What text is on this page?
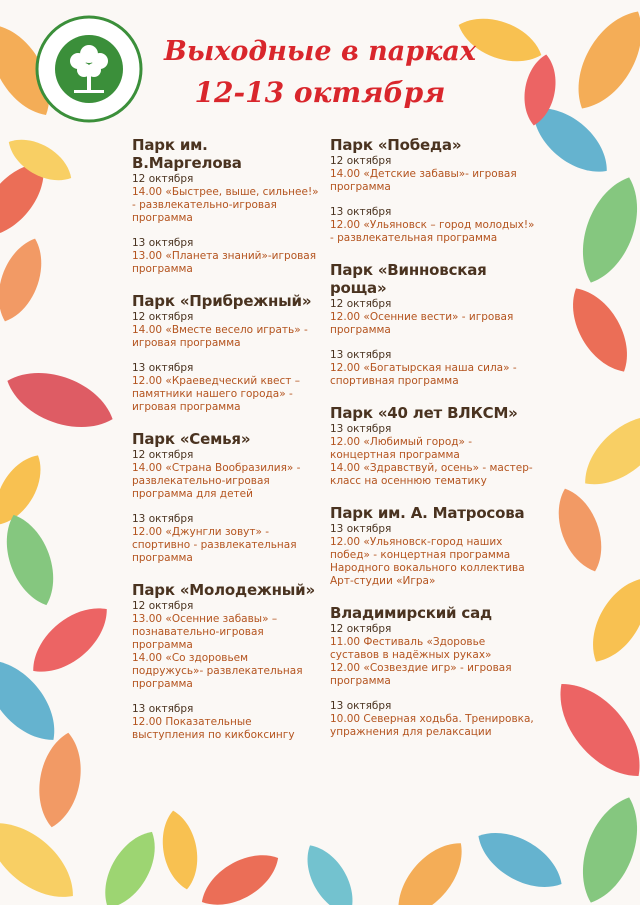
Выходные в парках
12-13 октября
Парк им. В.Маргелова
12 октября
14.00 «Быстрее, выше, сильнее!» - развлекательно-игровая программа
13 октября
13.00 «Планета знаний»-игровая программа
Парк «Прибрежный»
12 октября
14.00 «Вместе весело играть» - игровая программа
13 октября
12.00 «Краеведческий квест – памятники нашего города» - игровая программа
Парк «Семья»
12 октября
14.00 «Страна Вообразилия» - развлекательно-игровая программа для детей
13 октября
12.00 «Джунгли зовут» - спортивно - развлекательная программа
Парк «Молодежный»
12 октября
13.00 «Осенние забавы» – познавательно-игровая программа
14.00 «Со здоровьем подружусь»- развлекательная программа
13 октября
12.00 Показательные выступления по кикбоксингу
Парк «Победа»
12 октября
14.00 «Детские забавы»- игровая программа
13 октября
12.00 «Ульяновск – город молодых!» - развлекательная программа
Парк «Винновская роща»
12 октября
12.00 «Осенние вести» - игровая программа
13 октября
12.00 «Богатырская наша сила» - спортивная программа
Парк «40 лет ВЛКСМ»
13 октября
12.00 «Любимый город» - концертная программа
14.00 «Здравствуй, осень» - мастер-класс на осеннюю тематику
Парк им. А. Матросова
13 октября
12.00 «Ульяновск-город наших побед» - концертная программа Народного вокального коллектива Арт-студии «Игра»
Владимирский сад
12 октября
11.00 Фестиваль «Здоровье суставов в надёжных руках»
12.00 «Созвездие игр» - игровая программа
13 октября
10.00 Северная ходьба. Тренировка, упражнения для релаксации
